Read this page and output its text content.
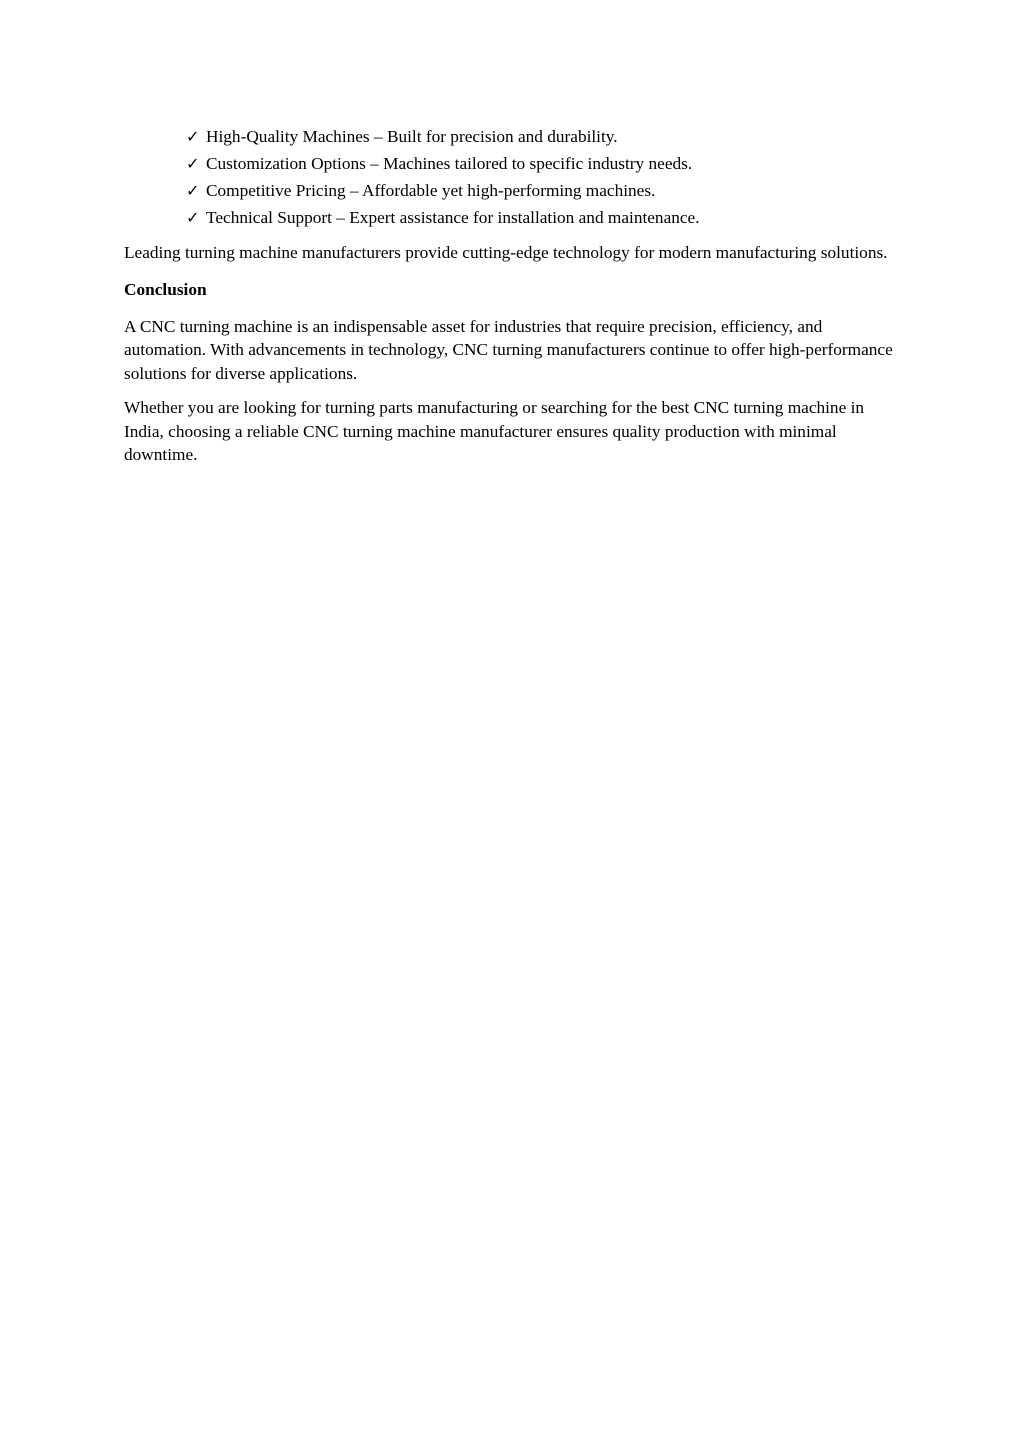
✓ High-Quality Machines – Built for precision and durability.
✓ Customization Options – Machines tailored to specific industry needs.
✓ Competitive Pricing – Affordable yet high-performing machines.
✓ Technical Support – Expert assistance for installation and maintenance.

Leading turning machine manufacturers provide cutting-edge technology for modern manufacturing solutions.

Conclusion

A CNC turning machine is an indispensable asset for industries that require precision, efficiency, and automation. With advancements in technology, CNC turning manufacturers continue to offer high-performance solutions for diverse applications.

Whether you are looking for turning parts manufacturing or searching for the best CNC turning machine in India, choosing a reliable CNC turning machine manufacturer ensures quality production with minimal downtime.
